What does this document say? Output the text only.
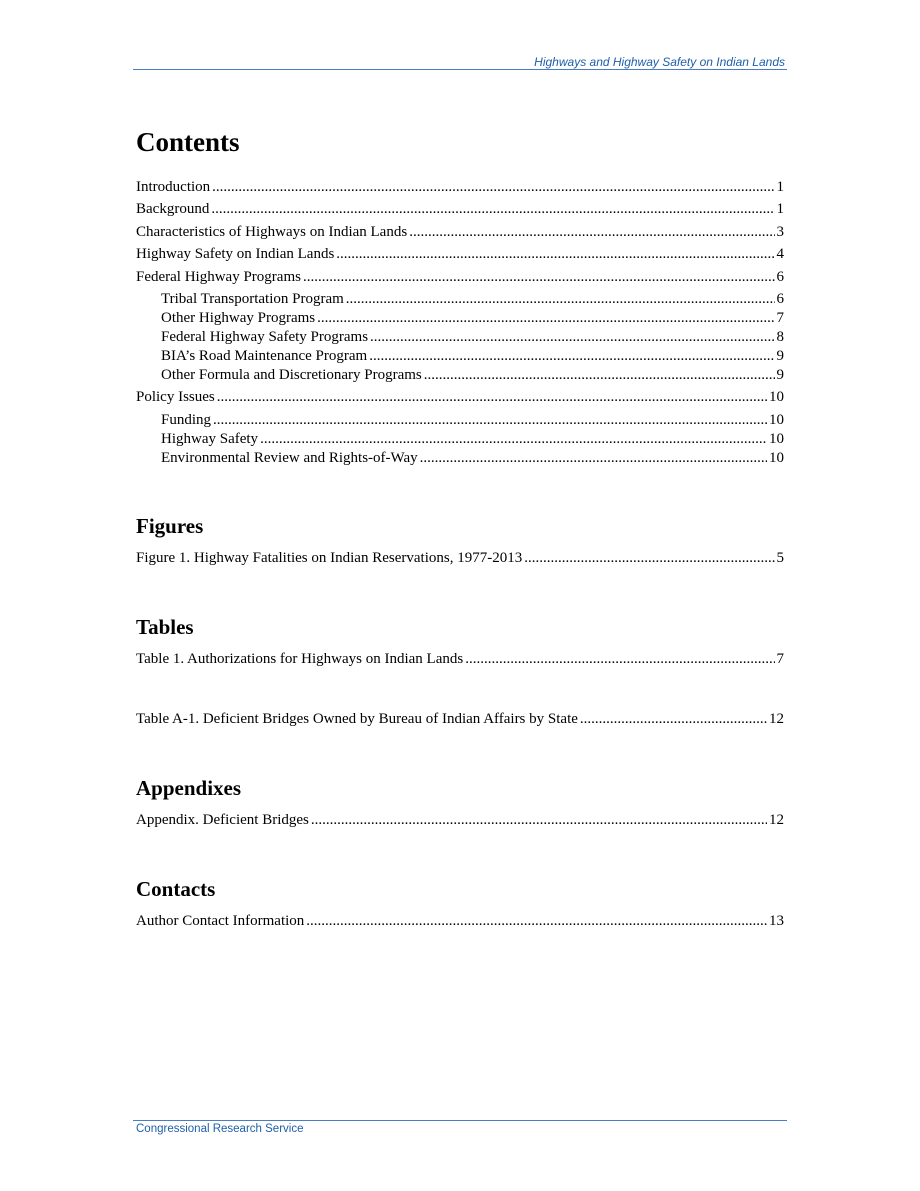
Highways and Highway Safety on Indian Lands
Contents
Introduction .....	1
Background .....	1
Characteristics of Highways on Indian Lands .....	3
Highway Safety on Indian Lands .....	4
Federal Highway Programs .....	6
Tribal Transportation Program .....	6
Other Highway Programs .....	7
Federal Highway Safety Programs .....	8
BIA’s Road Maintenance Program .....	9
Other Formula and Discretionary Programs .....	9
Policy Issues .....	10
Funding .....	10
Highway Safety .....	10
Environmental Review and Rights-of-Way .....	10
Figures
Figure 1. Highway Fatalities on Indian Reservations, 1977-2013 .....	5
Tables
Table 1. Authorizations for Highways on Indian Lands .....	7
Table A-1. Deficient Bridges Owned by Bureau of Indian Affairs by State .....	12
Appendixes
Appendix. Deficient Bridges .....	12
Contacts
Author Contact Information .....	13
Congressional Research Service
